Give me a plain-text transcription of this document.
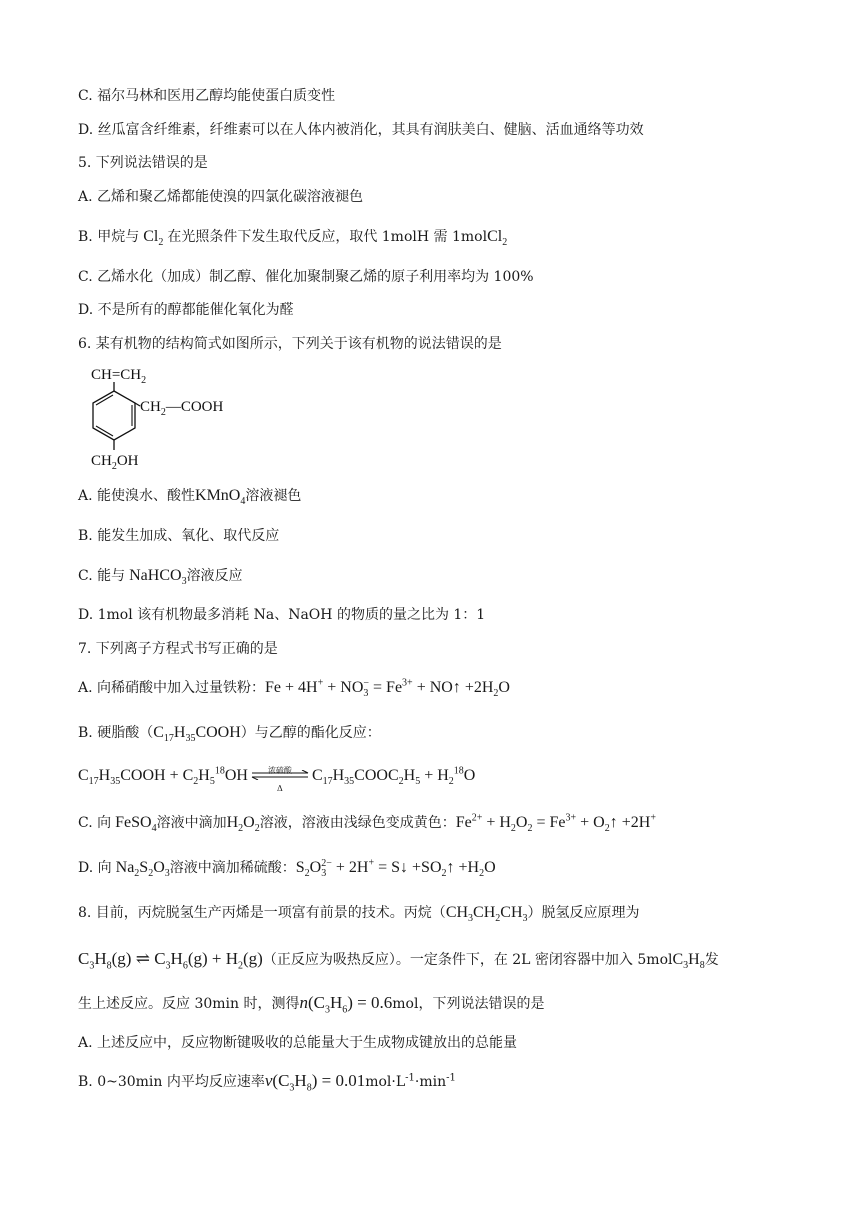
C. 福尔马林和医用乙醇均能使蛋白质变性
D. 丝瓜富含纤维素，纤维素可以在人体内被消化，其具有润肤美白、健脑、活血通络等功效
5. 下列说法错误的是
A. 乙烯和聚乙烯都能使溴的四氯化碳溶液褪色
B. 甲烷与 $Cl_2$ 在光照条件下发生取代反应，取代 1molH 需 1molCl$_2$
C. 乙烯水化（加成）制乙醇、催化加聚制聚乙烯的原子利用率均为 100%
D. 不是所有的醇都能催化氧化为醛
6. 某有机物的结构简式如图所示，下列关于该有机物的说法错误的是
$CH=CH_2$
$CH_2—COOH$
$CH_2OH$
A. 能使溴水、酸性KMnO$_4$溶液褪色
B. 能发生加成、氧化、取代反应
C. 能与 NaHCO$_3$溶液反应
D. 1mol 该有机物最多消耗 Na、NaOH 的物质的量之比为 1：1
7. 下列离子方程式书写正确的是
A. 向稀硝酸中加入过量铁粉：$Fe + 4H^+ + NO_3^- = Fe^{3+}$ + NO↑ $+2H_2O$
B. 硬脂酸$(C_{17}H_{35}COOH)$与乙醇的酯化反应：
$C_{17}H_{35}COOH + C_2H_5^{18}OH$	浓硫酸
Δ
$C_{17}H_{35}COOC_2H_5 + H_2^{18}O$
C. 向 FeSO$_4$溶液中滴加$H_2O_2$溶液，溶液由浅绿色变成黄色：$Fe^{2+} + H_2O_2 = Fe^{3+}$ + $O_2↑ +2H^+$
D. 向 $Na_2S_2O_3$溶液中滴加稀硫酸：$S_2O_3^{2-} + 2H^+$ = S↓ $+SO_2↑ +H_2O$
8. 目前，丙烷脱氢生产丙烯是一项富有前景的技术。丙烷$(CH_3CH_2CH_3)$脱氢反应原理为
$C_3H_8(g)$ ⇌ $C_3H_6(g) + H_2(g)$（正反应为吸热反应）。一定条件下，在 2L 密闭容器中加入 $5molC_3H_8$发
生上述反应。反应 30min 时，测得$n(C_3H_6) = 0.6mol$，下列说法错误的是
A. 上述反应中，反应物断键吸收的总能量大于生成物成键放出的总能量
B. 0~30min 内平均反应速率$v(C_3H_8) = 0.01mol\cdot L^{-1}\cdot\min^{-1}$
